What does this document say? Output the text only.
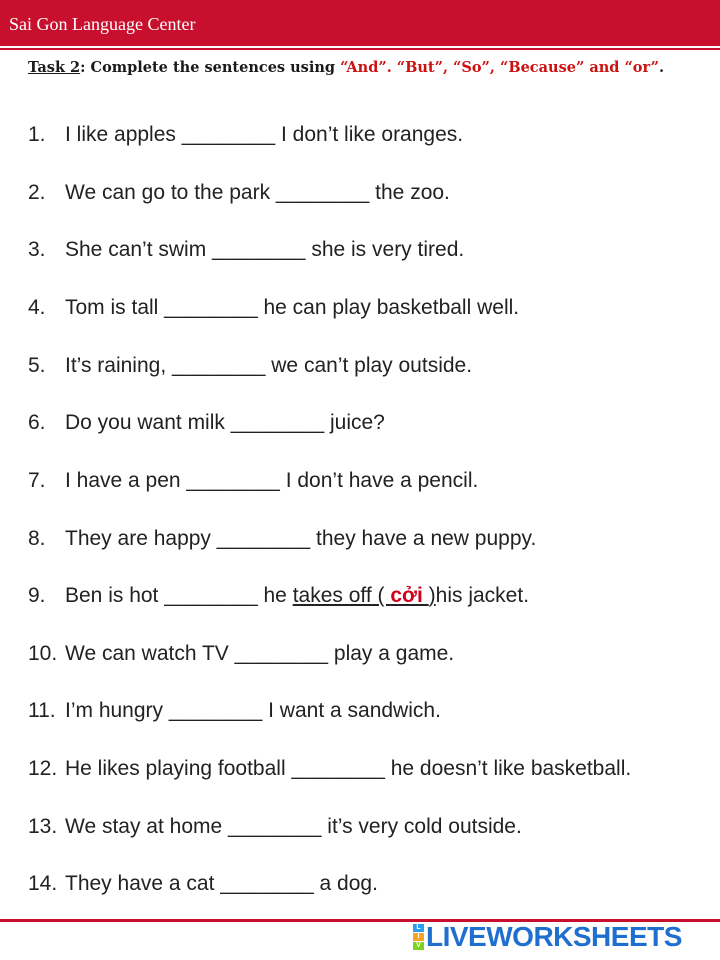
Sai Gon Language Center
Task 2: Complete the sentences using “And”. “But”, “So”, “Because” and “or”.
1. I like apples ________ I don’t like oranges.
2. We can go to the park ________ the zoo.
3. She can’t swim ________ she is very tired.
4. Tom is tall ________ he can play basketball well.
5. It’s raining, ________ we can’t play outside.
6. Do you want milk ________ juice?
7. I have a pen ________ I don’t have a pencil.
8. They are happy ________ they have a new puppy.
9. Ben is hot ________ he takes off ( cởi )his jacket.
10. We can watch TV ________ play a game.
11. I’m hungry ________ I want a sandwich.
12. He likes playing football ________ he doesn’t like basketball.
13. We stay at home ________ it’s very cold outside.
14. They have a cat ________ a dog.
L
I
V LIVEWORKSHEETS
